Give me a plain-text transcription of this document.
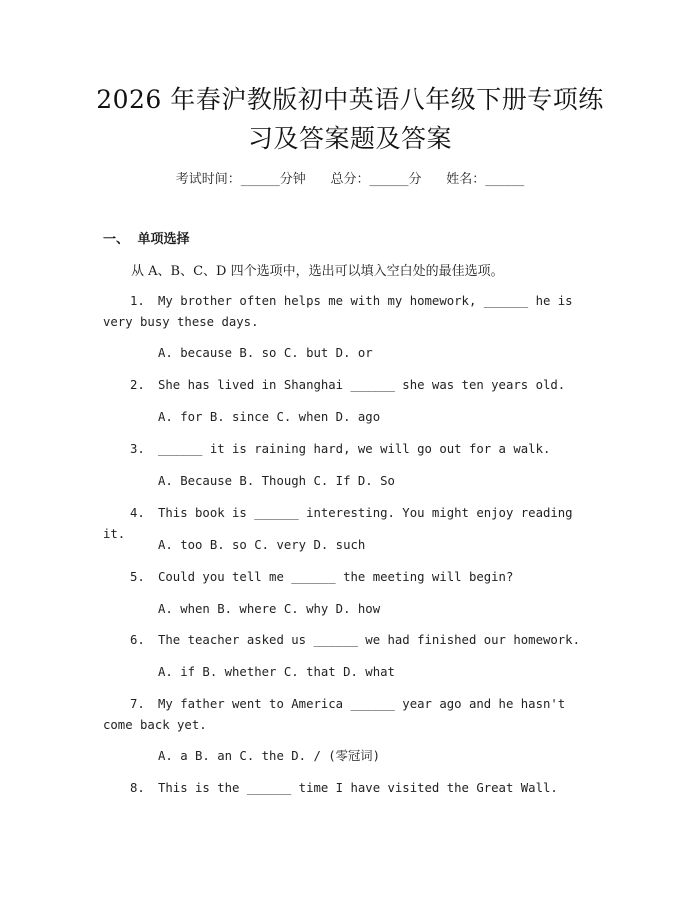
2026 年春沪教版初中英语八年级下册专项练
习及答案题及答案
考试时间：______分钟      总分：______分      姓名：______
一、 单项选择
从 A、B、C、D 四个选项中，选出可以填入空白处的最佳选项。
1. My brother often helps me with my homework, ______ he is very busy these days.
A. because B. so C. but D. or
2. She has lived in Shanghai ______ she was ten years old.
A. for B. since C. when D. ago
3. ______ it is raining hard, we will go out for a walk.
A. Because B. Though C. If D. So
4. This book is ______ interesting. You might enjoy reading it.
A. too B. so C. very D. such
5. Could you tell me ______ the meeting will begin?
A. when B. where C. why D. how
6. The teacher asked us ______ we had finished our homework.
A. if B. whether C. that D. what
7. My father went to America ______ year ago and he hasn't come back yet.
A. a B. an C. the D. / (零冠词)
8. This is the ______ time I have visited the Great Wall.
